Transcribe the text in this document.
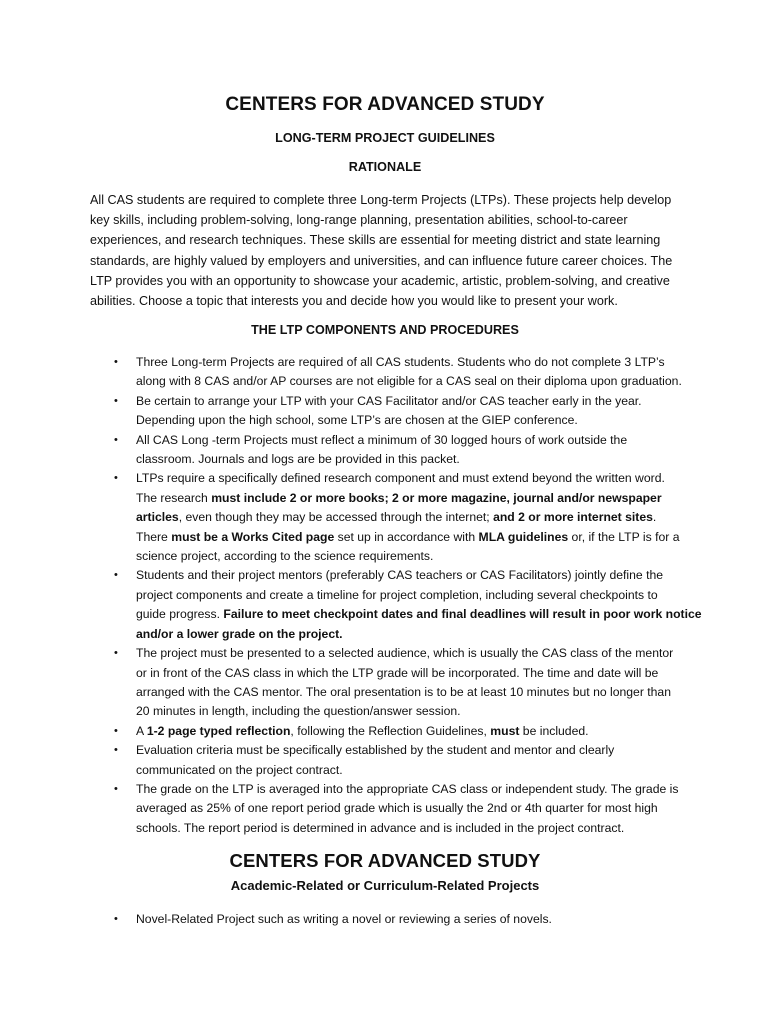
CENTERS FOR ADVANCED STUDY
LONG-TERM PROJECT GUIDELINES
RATIONALE
All CAS students are required to complete three Long-term Projects (LTPs). These projects help develop
key skills, including problem-solving, long-range planning, presentation abilities, school-to-career
experiences, and research techniques. These skills are essential for meeting district and state learning
standards, are highly valued by employers and universities, and can influence future career choices. The
LTP provides you with an opportunity to showcase your academic, artistic, problem-solving, and creative
abilities. Choose a topic that interests you and decide how you would like to present your work.
THE LTP COMPONENTS AND PROCEDURES
• Three Long-term Projects are required of all CAS students. Students who do not complete 3 LTP’s
along with 8 CAS and/or AP courses are not eligible for a CAS seal on their diploma upon graduation.
• Be certain to arrange your LTP with your CAS Facilitator and/or CAS teacher early in the year.
Depending upon the high school, some LTP’s are chosen at the GIEP conference.
• All CAS Long -term Projects must reflect a minimum of 30 logged hours of work outside the
classroom. Journals and logs are be provided in this packet.
• LTPs require a specifically defined research component and must extend beyond the written word.
The research must include 2 or more books; 2 or more magazine, journal and/or newspaper
articles, even though they may be accessed through the internet; and 2 or more internet sites.
There must be a Works Cited page set up in accordance with MLA guidelines or, if the LTP is for a
science project, according to the science requirements.
• Students and their project mentors (preferably CAS teachers or CAS Facilitators) jointly define the
project components and create a timeline for project completion, including several checkpoints to
guide progress. Failure to meet checkpoint dates and final deadlines will result in poor work notice
and/or a lower grade on the project.
• The project must be presented to a selected audience, which is usually the CAS class of the mentor
or in front of the CAS class in which the LTP grade will be incorporated. The time and date will be
arranged with the CAS mentor. The oral presentation is to be at least 10 minutes but no longer than
20 minutes in length, including the question/answer session.
• A 1-2 page typed reflection, following the Reflection Guidelines, must be included.
• Evaluation criteria must be specifically established by the student and mentor and clearly
communicated on the project contract.
• The grade on the LTP is averaged into the appropriate CAS class or independent study. The grade is
averaged as 25% of one report period grade which is usually the 2nd or 4th quarter for most high
schools. The report period is determined in advance and is included in the project contract.
CENTERS FOR ADVANCED STUDY
Academic-Related or Curriculum-Related Projects
• Novel-Related Project such as writing a novel or reviewing a series of novels.
